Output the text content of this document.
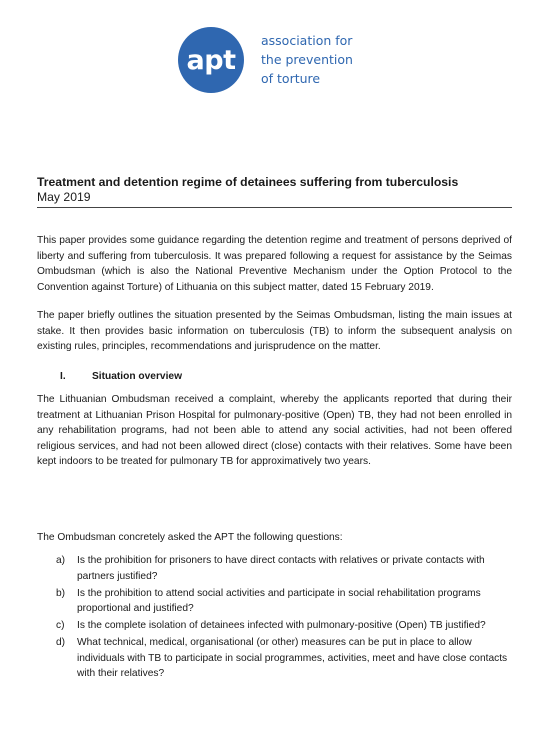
apt
association for
the prevention
of torture
Treatment and detention regime of detainees suffering from tuberculosis
May 2019
This paper provides some guidance regarding the detention regime and treatment of persons deprived of liberty and suffering from tuberculosis. It was prepared following a request for assistance by the Seimas Ombudsman (which is also the National Preventive Mechanism under the Option Protocol to the Convention against Torture) of Lithuania on this subject matter, dated 15 February 2019.
The paper briefly outlines the situation presented by the Seimas Ombudsman, listing the main issues at stake. It then provides basic information on tuberculosis (TB) to inform the subsequent analysis on existing rules, principles, recommendations and jurisprudence on the matter.
I.	Situation overview
The Lithuanian Ombudsman received a complaint, whereby the applicants reported that during their treatment at Lithuanian Prison Hospital for pulmonary-positive (Open) TB, they had not been enrolled in any rehabilitation programs, had not been able to attend any social activities, had not been offered religious services, and had not been allowed direct (close) contacts with their relatives. Some have been kept indoors to be treated for pulmonary TB for approximatively two years.
The Ombudsman concretely asked the APT the following questions:
a) Is the prohibition for prisoners to have direct contacts with relatives or private contacts with partners justified?
b) Is the prohibition to attend social activities and participate in social rehabilitation programs proportional and justified?
c) Is the complete isolation of detainees infected with pulmonary-positive (Open) TB justified?
d) What technical, medical, organisational (or other) measures can be put in place to allow individuals with TB to participate in social programmes, activities, meet and have close contacts with their relatives?
